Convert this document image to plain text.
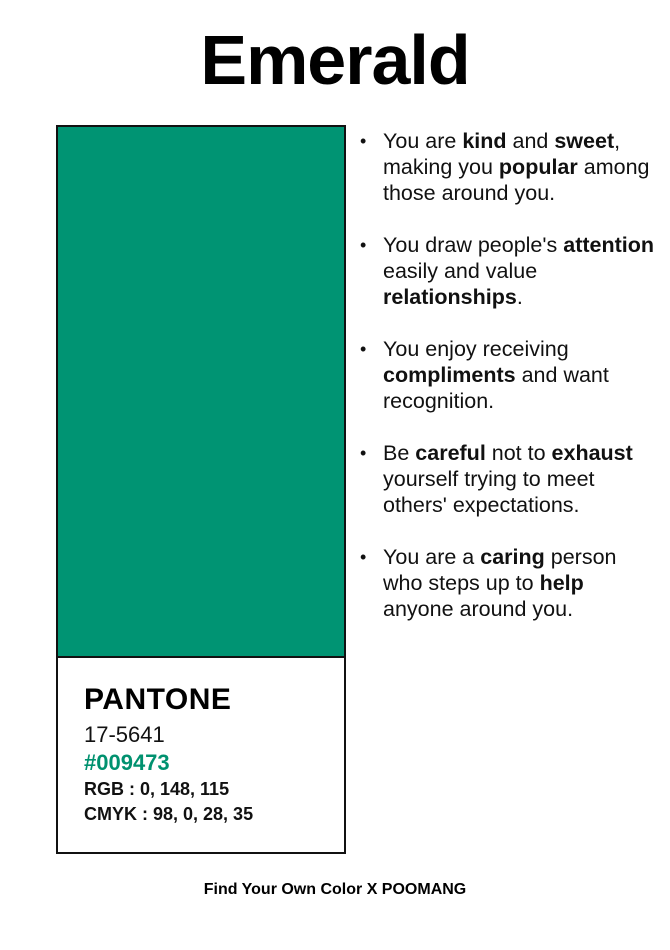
Emerald
PANTONE
17-5641
#009473
RGB : 0, 148, 115
CMYK : 98, 0, 28, 35
• You are kind and sweet, making you popular among those around you.
• You draw people's attention easily and value relationships.
• You enjoy receiving compliments and want recognition.
• Be careful not to exhaust yourself trying to meet others' expectations.
• You are a caring person who steps up to help anyone around you.
Find Your Own Color X POOMANG
